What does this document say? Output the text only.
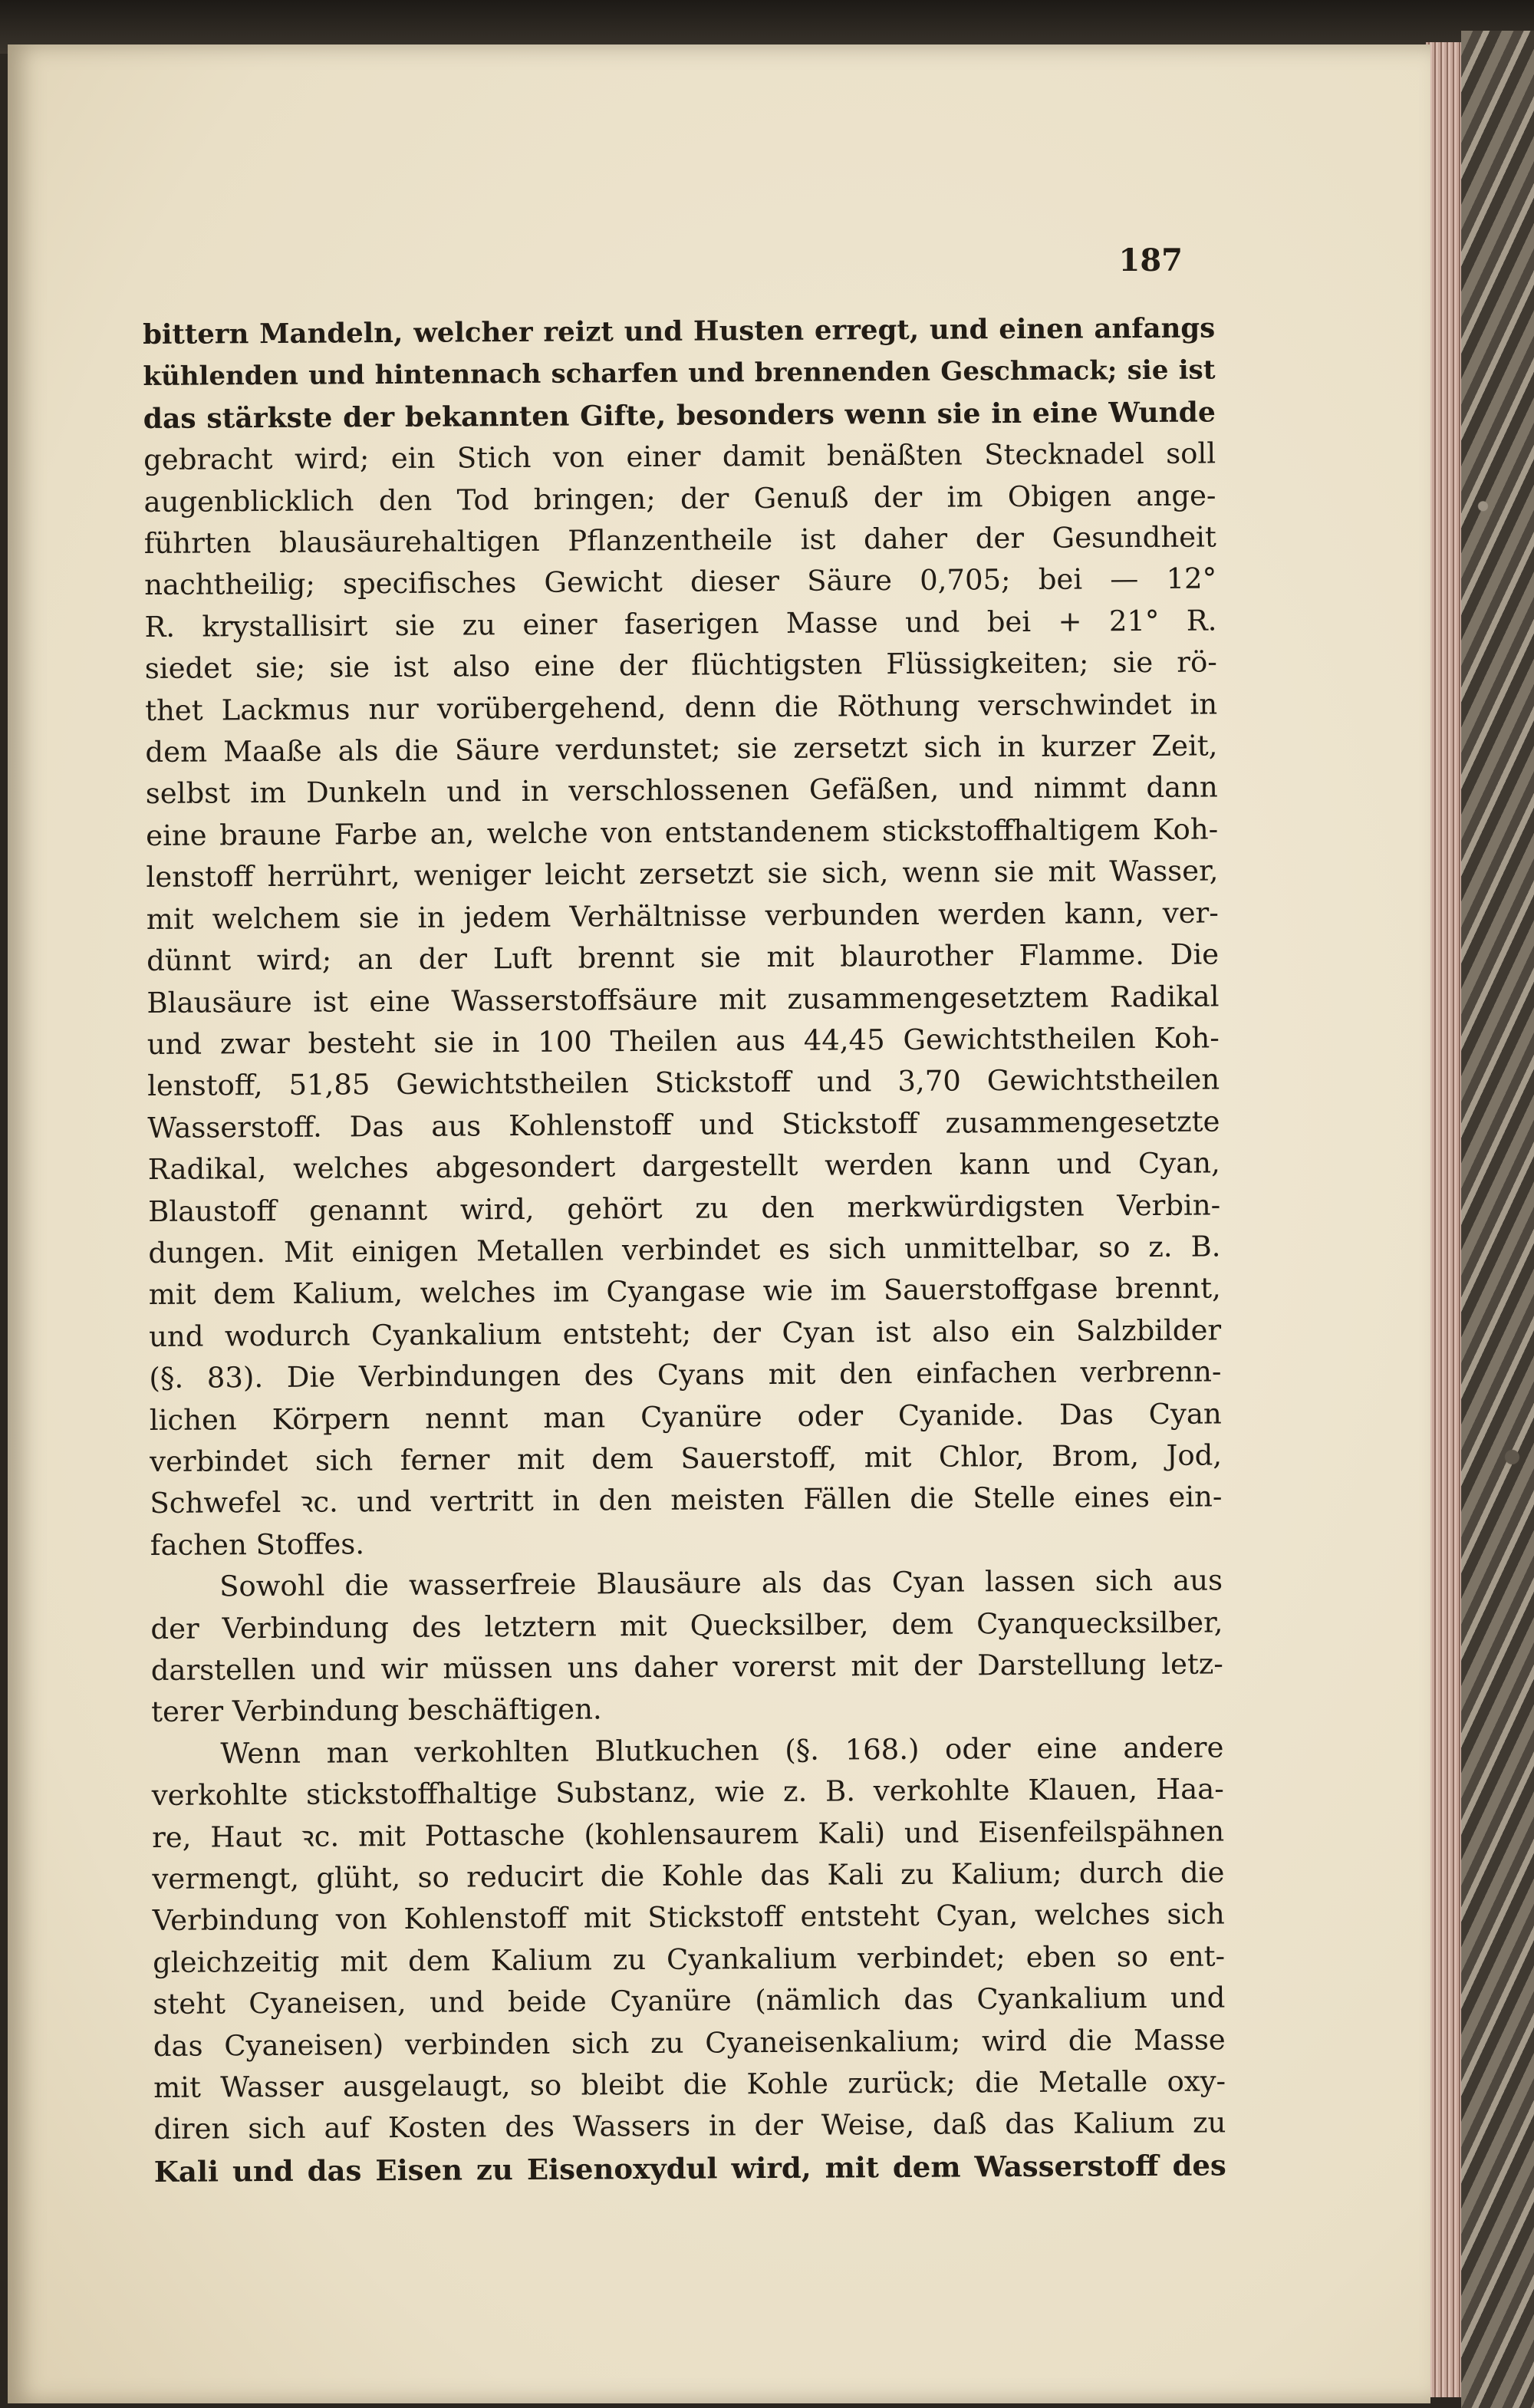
187
bittern Mandeln, welcher reizt und Husten erregt, und einen anfangs
kühlenden und hintennach scharfen und brennenden Geschmack; sie ist
das stärkste der bekannten Gifte, besonders wenn sie in eine Wunde
gebracht wird; ein Stich von einer damit benäßten Stecknadel soll
augenblicklich den Tod bringen; der Genuß der im Obigen ange-
führten blausäurehaltigen Pflanzentheile ist daher der Gesundheit
nachtheilig; specifisches Gewicht dieser Säure 0,705; bei — 12°
R. krystallisirt sie zu einer faserigen Masse und bei + 21° R.
siedet sie; sie ist also eine der flüchtigsten Flüssigkeiten; sie rö-
thet Lackmus nur vorübergehend, denn die Röthung verschwindet in
dem Maaße als die Säure verdunstet; sie zersetzt sich in kurzer Zeit,
selbst im Dunkeln und in verschlossenen Gefäßen, und nimmt dann
eine braune Farbe an, welche von entstandenem stickstoffhaltigem Koh-
lenstoff herrührt, weniger leicht zersetzt sie sich, wenn sie mit Wasser,
mit welchem sie in jedem Verhältnisse verbunden werden kann, ver-
dünnt wird; an der Luft brennt sie mit blaurother Flamme. Die
Blausäure ist eine Wasserstoffsäure mit zusammengesetztem Radikal
und zwar besteht sie in 100 Theilen aus 44,45 Gewichtstheilen Koh-
lenstoff, 51,85 Gewichtstheilen Stickstoff und 3,70 Gewichtstheilen
Wasserstoff. Das aus Kohlenstoff und Stickstoff zusammengesetzte
Radikal, welches abgesondert dargestellt werden kann und Cyan,
Blaustoff genannt wird, gehört zu den merkwürdigsten Verbin-
dungen. Mit einigen Metallen verbindet es sich unmittelbar, so z. B.
mit dem Kalium, welches im Cyangase wie im Sauerstoffgase brennt,
und wodurch Cyankalium entsteht; der Cyan ist also ein Salzbilder
(§. 83). Die Verbindungen des Cyans mit den einfachen verbrenn-
lichen Körpern nennt man Cyanüre oder Cyanide. Das Cyan
verbindet sich ferner mit dem Sauerstoff, mit Chlor, Brom, Jod,
Schwefel ꝛc. und vertritt in den meisten Fällen die Stelle eines ein-
fachen Stoffes.
Sowohl die wasserfreie Blausäure als das Cyan lassen sich aus
der Verbindung des letztern mit Quecksilber, dem Cyanquecksilber,
darstellen und wir müssen uns daher vorerst mit der Darstellung letz-
terer Verbindung beschäftigen.
Wenn man verkohlten Blutkuchen (§. 168.) oder eine andere
verkohlte stickstoffhaltige Substanz, wie z. B. verkohlte Klauen, Haa-
re, Haut ꝛc. mit Pottasche (kohlensaurem Kali) und Eisenfeilspähnen
vermengt, glüht, so reducirt die Kohle das Kali zu Kalium; durch die
Verbindung von Kohlenstoff mit Stickstoff entsteht Cyan, welches sich
gleichzeitig mit dem Kalium zu Cyankalium verbindet; eben so ent-
steht Cyaneisen, und beide Cyanüre (nämlich das Cyankalium und
das Cyaneisen) verbinden sich zu Cyaneisenkalium; wird die Masse
mit Wasser ausgelaugt, so bleibt die Kohle zurück; die Metalle oxy-
diren sich auf Kosten des Wassers in der Weise, daß das Kalium zu
Kali und das Eisen zu Eisenoxydul wird, mit dem Wasserstoff des
